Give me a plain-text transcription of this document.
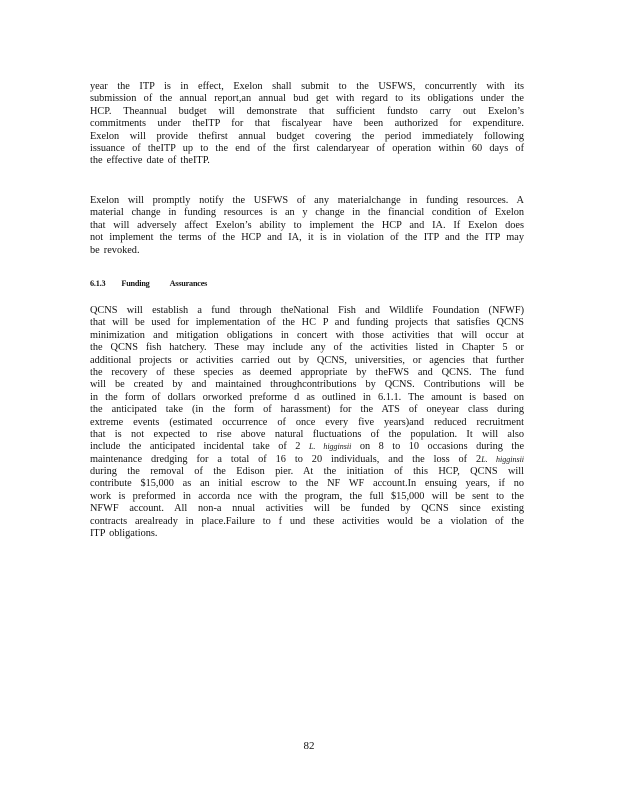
year the ITP is in effect, Exelon shall submit to the USFWS, concurrently with its
submission of the annual report,an annual bud get with regard to its obligations under the
HCP. Theannual budget will demonstrate that sufficient fundsto carry out Exelon’s
commitments under theITP for that fiscalyear have been authorized for expenditure.
Exelon will provide thefirst annual budget covering the period immediately following
issuance of theITP up to the end of the first calendaryear of operation within 60 days of
the effective date of theITP.
Exelon will promptly notify the USFWS of any materialchange in funding resources. A
material change in funding resources is an y change in the financial condition of Exelon
that will adversely affect Exelon’s ability to implement the HCP and IA. If Exelon does
not implement the terms of the HCP and IA, it is in violation of the ITP and the ITP may
be revoked.
6.1.3 Funding Assurances
QCNS will establish a fund through theNational Fish and Wildlife Foundation (NFWF)
that will be used for implementation of the HC P and funding projects that satisfies QCNS
minimization and mitigation obligations in concert with those activities that will occur at
the QCNS fish hatchery. These may include any of the activities listed in Chapter 5 or
additional projects or activities carried out by QCNS, universities, or agencies that further
the recovery of these species as deemed appropriate by theFWS and QCNS. The fund
will be created by and maintained throughcontributions by QCNS. Contributions will be
in the form of dollars orworked preforme d as outlined in 6.1.1. The amount is based on
the anticipated take (in the form of harassment) for the ATS of oneyear class during
extreme events (estimated occurrence of once every five years)and reduced recruitment
that is not expected to rise above natural fluctuations of the population. It will also
include the anticipated incidental take of 2 L. higginsii on 8 to 10 occasions during the
maintenance dredging for a total of 16 to 20 individuals, and the loss of 2L. higginsii
during the removal of the Edison pier. At the initiation of this HCP, QCNS will
contribute $15,000 as an initial escrow to the NF WF account.In ensuing years, if no
work is preformed in accorda nce with the program, the full $15,000 will be sent to the
NFWF account. All non-a nnual activities will be funded by QCNS since existing
contracts arealready in place.Failure to f und these activities would be a violation of the
ITP obligations.
82
